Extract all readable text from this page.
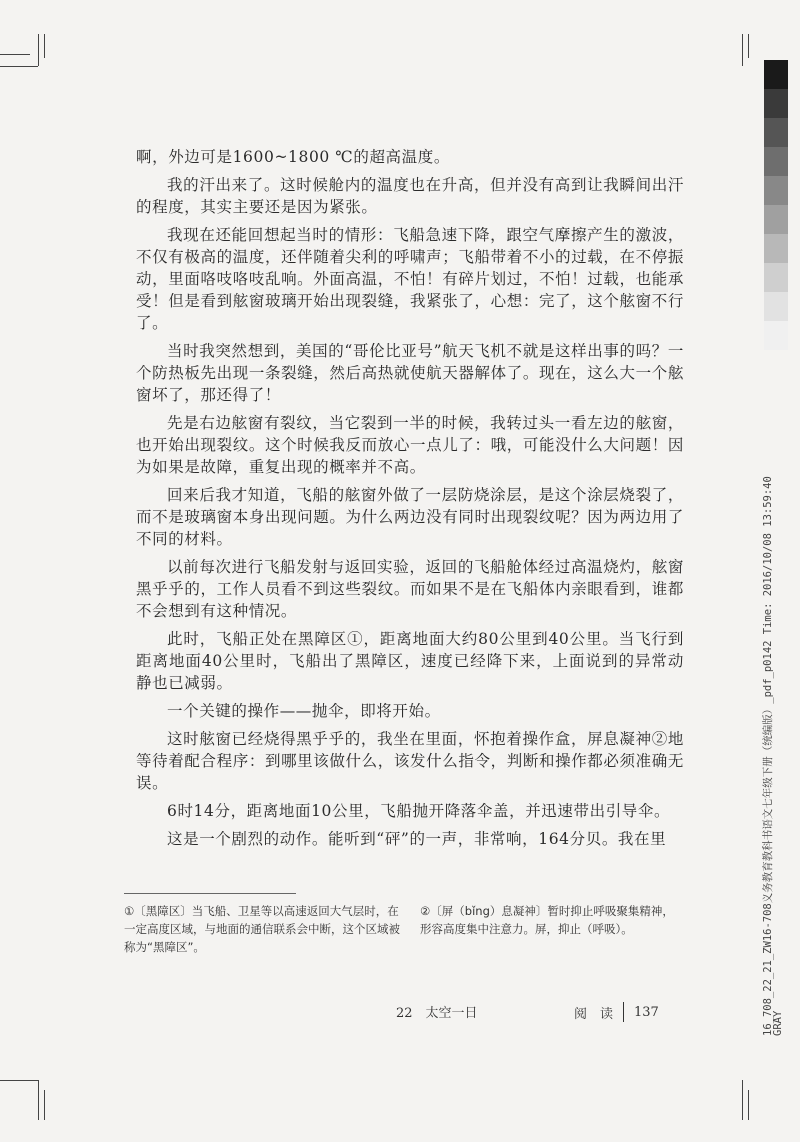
啊，外边可是1600~1800 ℃的超高温度。

我的汗出来了。这时候舱内的温度也在升高，但并没有高到让我瞬间出汗的程度，其实主要还是因为紧张。

我现在还能回想起当时的情形：飞船急速下降，跟空气摩擦产生的激波，不仅有极高的温度，还伴随着尖利的呼啸声；飞船带着不小的过载，在不停振动，里面咯吱咯吱乱响。外面高温，不怕！有碎片划过，不怕！过载，也能承受！但是看到舷窗玻璃开始出现裂缝，我紧张了，心想：完了，这个舷窗不行了。

当时我突然想到，美国的“哥伦比亚号”航天飞机不就是这样出事的吗？一个防热板先出现一条裂缝，然后高热就使航天器解体了。现在，这么大一个舷窗坏了，那还得了！

先是右边舷窗有裂纹，当它裂到一半的时候，我转过头一看左边的舷窗，也开始出现裂纹。这个时候我反而放心一点儿了：哦，可能没什么大问题！因为如果是故障，重复出现的概率并不高。

回来后我才知道，飞船的舷窗外做了一层防烧涂层，是这个涂层烧裂了，而不是玻璃窗本身出现问题。为什么两边没有同时出现裂纹呢？因为两边用了不同的材料。

以前每次进行飞船发射与返回实验，返回的飞船舱体经过高温烧灼，舷窗黑乎乎的，工作人员看不到这些裂纹。而如果不是在飞船体内亲眼看到，谁都不会想到有这种情况。

此时，飞船正处在黑障区①，距离地面大约80公里到40公里。当飞行到距离地面40公里时，飞船出了黑障区，速度已经降下来，上面说到的异常动静也已减弱。

一个关键的操作——抛伞，即将开始。

这时舷窗已经烧得黑乎乎的，我坐在里面，怀抱着操作盒，屏息凝神②地等待着配合程序：到哪里该做什么，该发什么指令，判断和操作都必须准确无误。

6时14分，距离地面10公里，飞船抛开降落伞盖，并迅速带出引导伞。

这是一个剧烈的动作。能听到“砰”的一声，非常响，164分贝。我在里

①〔黑障区〕当飞船、卫星等以高速返回大气层时，在一定高度区域，与地面的通信联系会中断，这个区域被称为“黑障区”。
②〔屏（bǐng）息凝神〕暂时抑止呼吸聚集精神，形容高度集中注意力。屏，抑止（呼吸）。
22　太空一日	阅　读 137	16_708_22_21_ZW16-708义务教育教科书语文七年级下册（统编版）_pdf_p0142 Time: 2016/10/08 13:59:40
GRAY
